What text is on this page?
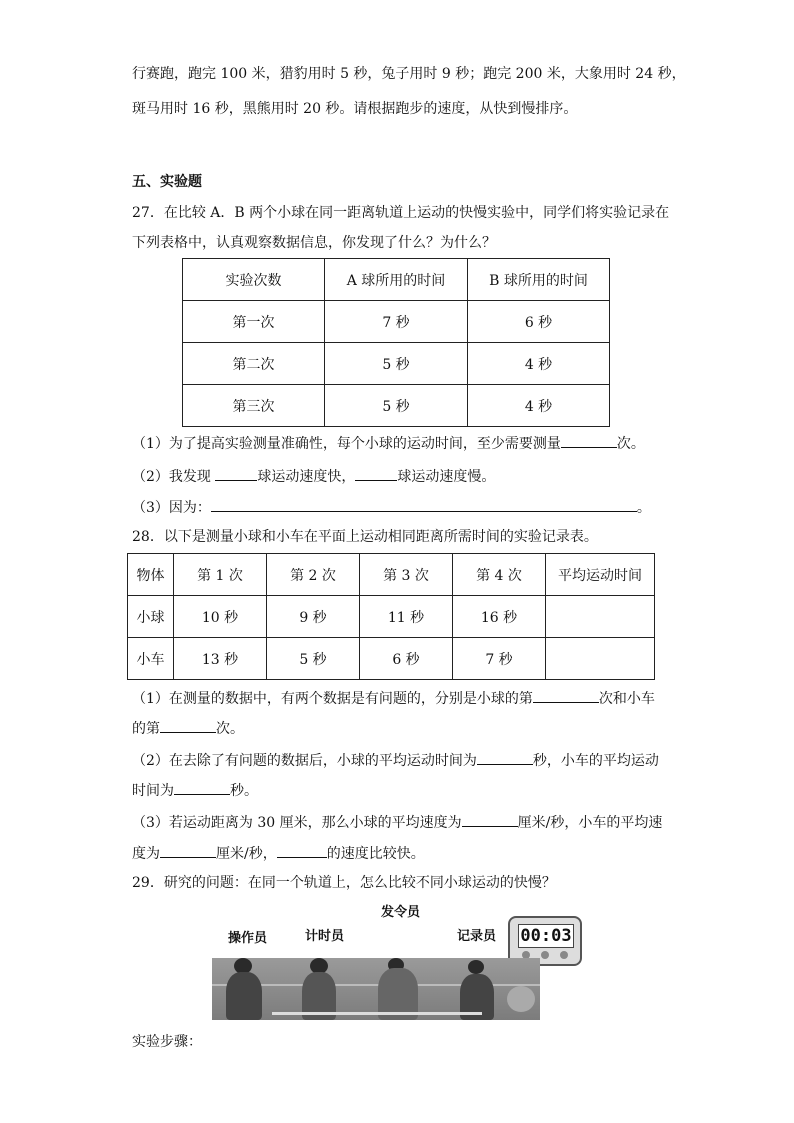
行赛跑，跑完 100 米，猎豹用时 5 秒，兔子用时 9 秒；跑完 200 米，大象用时 24 秒，
斑马用时 16 秒，黑熊用时 20 秒。请根据跑步的速度，从快到慢排序。
五、实验题
27．在比较 A．B 两个小球在同一距离轨道上运动的快慢实验中，同学们将实验记录在
下列表格中，认真观察数据信息，你发现了什么？为什么？
实验次数	A 球所用的时间	B 球所用的时间
第一次	7 秒	6 秒
第二次	5 秒	4 秒
第三次	5 秒	4 秒
（1）为了提高实验测量准确性，每个小球的运动时间，至少需要测量	次。
（2）我发现	球运动速度快，	球运动速度慢。
（3）因为：	。
28．以下是测量小球和小车在平面上运动相同距离所需时间的实验记录表。
物体	第 1 次	第 2 次	第 3 次	第 4 次	平均运动时间
小球	10 秒	9 秒	11 秒	16 秒	
小车	13 秒	5 秒	6 秒	7 秒	
（1）在测量的数据中，有两个数据是有问题的，分别是小球的第	次和小车
的第	次。
（2）在去除了有问题的数据后，小球的平均运动时间为	秒，小车的平均运动
时间为	秒。
（3）若运动距离为 30 厘米，那么小球的平均速度为	厘米/秒，小车的平均速
度为	厘米/秒，	的速度比较快。
29．研究的问题：在同一个轨道上，怎么比较不同小球运动的快慢？
发令员
操作员	计时员	记录员 00:03
实验步骤：
